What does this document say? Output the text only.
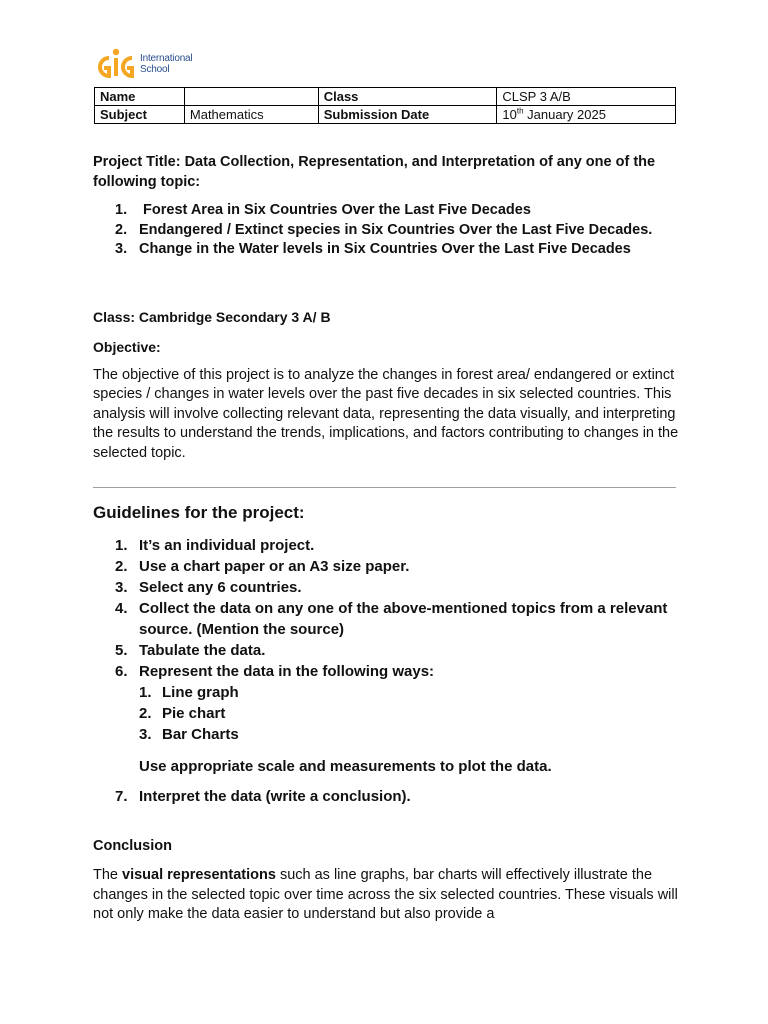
International
School
Name		Class	CLSP 3 A/B
Subject	Mathematics	Submission Date	10th January 2025
Project Title: Data Collection, Representation, and Interpretation of any one of the following topic:
1. Forest Area in Six Countries Over the Last Five Decades
2. Endangered / Extinct species in Six Countries Over the Last Five Decades.
3. Change in the Water levels in Six Countries Over the Last Five Decades
Class: Cambridge Secondary 3 A/ B
Objective:
The objective of this project is to analyze the changes in forest area/ endangered or extinct species / changes in water levels over the past five decades in six selected countries. This analysis will involve collecting relevant data, representing the data visually, and interpreting the results to understand the trends, implications, and factors contributing to changes in the selected topic.
Guidelines for the project:
1. It’s an individual project.
2. Use a chart paper or an A3 size paper.
3. Select any 6 countries.
4. Collect the data on any one of the above-mentioned topics from a relevant source. (Mention the source)
5. Tabulate the data.
6. Represent the data in the following ways:
1. Line graph
2. Pie chart
3. Bar Charts
Use appropriate scale and measurements to plot the data.
7. Interpret the data (write a conclusion).
Conclusion
The visual representations such as line graphs, bar charts will effectively illustrate the changes in the selected topic over time across the six selected countries. These visuals will not only make the data easier to understand but also provide a
